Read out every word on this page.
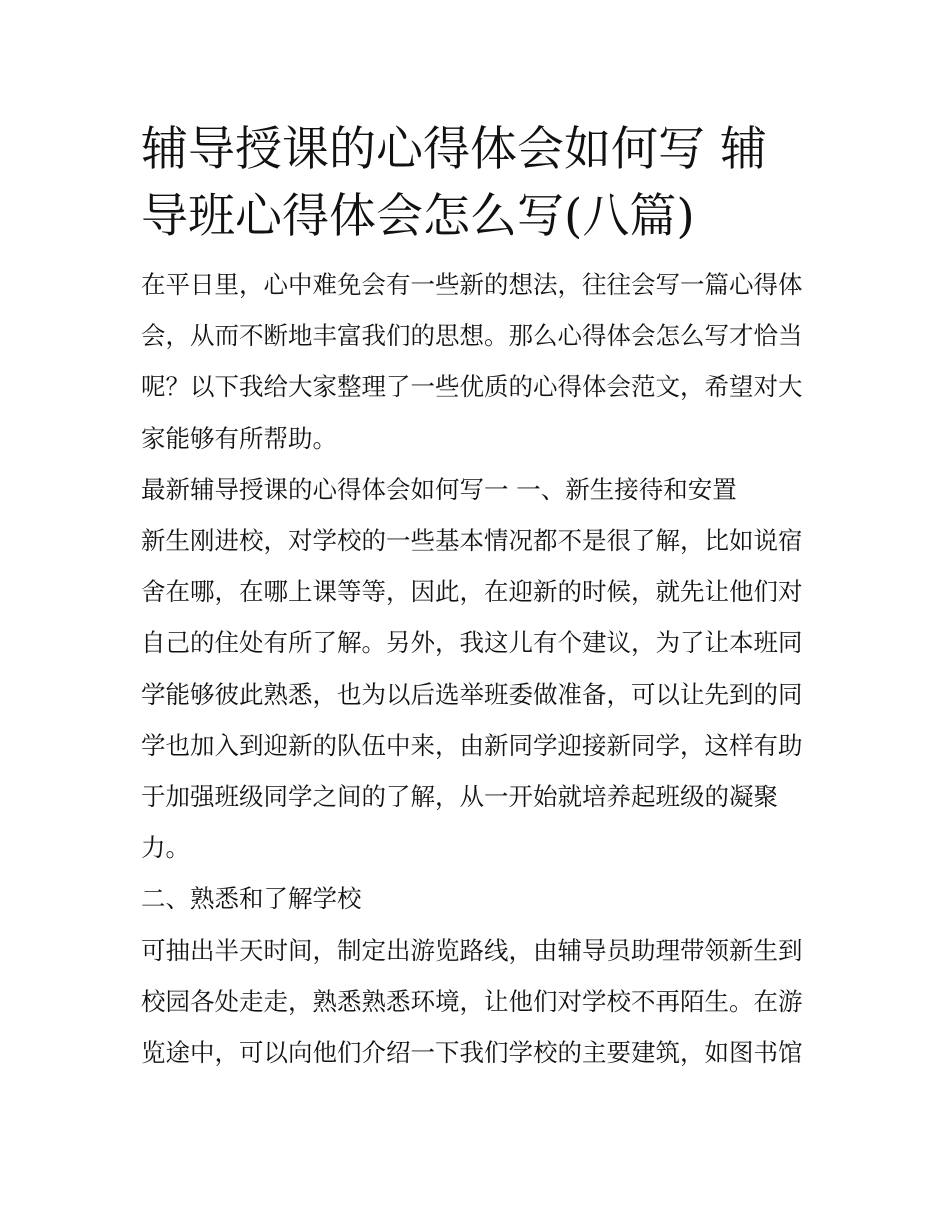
辅导授课的心得体会如何写 辅
导班心得体会怎么写(八篇)

在平日里，心中难免会有一些新的想法，往往会写一篇心得体
会，从而不断地丰富我们的思想。那么心得体会怎么写才恰当
呢？以下我给大家整理了一些优质的心得体会范文，希望对大
家能够有所帮助。

最新辅导授课的心得体会如何写一 一、新生接待和安置

新生刚进校，对学校的一些基本情况都不是很了解，比如说宿
舍在哪，在哪上课等等，因此，在迎新的时候，就先让他们对
自己的住处有所了解。另外，我这儿有个建议，为了让本班同
学能够彼此熟悉，也为以后选举班委做准备，可以让先到的同
学也加入到迎新的队伍中来，由新同学迎接新同学，这样有助
于加强班级同学之间的了解，从一开始就培养起班级的凝聚
力。

二、熟悉和了解学校

可抽出半天时间，制定出游览路线，由辅导员助理带领新生到
校园各处走走，熟悉熟悉环境，让他们对学校不再陌生。在游
览途中，可以向他们介绍一下我们学校的主要建筑，如图书馆
